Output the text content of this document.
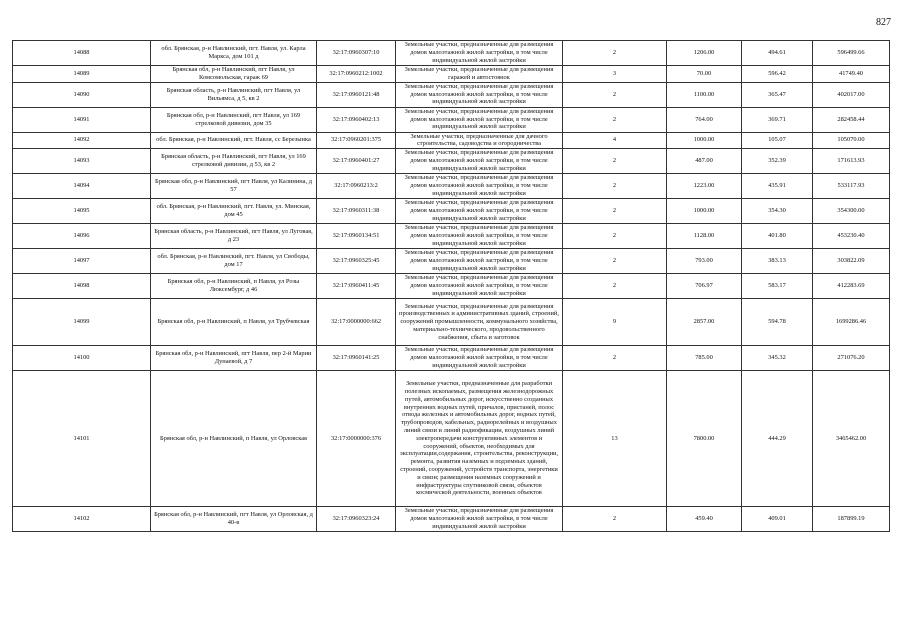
827
14088	обл. Брянская, р-н Навлинский, пгт. Навля, ул. Карла Маркса, дом 101 д	32:17:0960307:10	Земельные участки, предназначенные для размещения домов малоэтажной жилой застройки, в том числе индивидуальной жилой застройки	2	1206.00	494.61	596499.66
14089	Брянская обл, р-н Навлинский, пгт Навля, ул Комсомольская, гараж 69	32:17:0960212:1002	Земельные участки, предназначенные для размещения гаражей и автостоянок	3	70.00	596.42	41749.40
14090	Брянская область, р-н Навлинский, пгт Навля, ул Вильямса, д 5, кв 2	32:17:0960121:48	Земельные участки, предназначенные для размещения домов малоэтажной жилой застройки, в том числе индивидуальной жилой застройки	2	1100.00	365.47	402017.00
14091	Брянская обл, р-н Навлинский, пгт Навля, ул 169 стрелковой дивизии, дом 35	32:17:0960402:13	Земельные участки, предназначенные для размещения домов малоэтажной жилой застройки, в том числе индивидуальной жилой застройки	2	764.00	369.71	282458.44
14092	обл. Брянская, р-н Навлинский, пгт. Навля, сс Березынка	32:17:0960201:375	Земельные участки, предназначенные для дачного строительства, садоводства и огородничества	4	1000.00	105.07	105070.00
14093	Брянская область, р-н Навлинский, пгт Навля, ул 169 стрелковой дивизии, д 53, кв 2	32:17:0960401:27	Земельные участки, предназначенные для размещения домов малоэтажной жилой застройки, в том числе индивидуальной жилой застройки	2	487.00	352.39	171613.93
14094	Брянская обл, р-н Навлинский, пгт Навля, ул Калинина, д 57	32:17:0960213:2	Земельные участки, предназначенные для размещения домов малоэтажной жилой застройки, в том числе индивидуальной жилой застройки	2	1223.00	435.91	533117.93
14095	обл. Брянская, р-н Навлинский, пгт. Навля, ул. Минская, дом 45	32:17:0960311:38	Земельные участки, предназначенные для размещения домов малоэтажной жилой застройки, в том числе индивидуальной жилой застройки	2	1000.00	354.30	354300.00
14096	Брянская область, р-н Навлинский, пгт Навля, ул Луговая, д 23	32:17:0960134:51	Земельные участки, предназначенные для размещения домов малоэтажной жилой застройки, в том числе индивидуальной жилой застройки	2	1128.00	401.80	453230.40
14097	обл. Брянская, р-н Навлинский, пгт. Навля, ул Свободы, дом 17	32:17:0960325:45	Земельные участки, предназначенные для размещения домов малоэтажной жилой застройки, в том числе индивидуальной жилой застройки	2	793.00	383.13	303822.09
14098	Брянская обл, р-н Навлинский, п Навля, ул Розы Люксембург, д 46	32:17:0960411:45	Земельные участки, предназначенные для размещения домов малоэтажной жилой застройки, в том числе индивидуальной жилой застройки	2	706.97	583.17	412283.69
14099	Брянская обл, р-н Навлинский, п Навля, ул Трубчевская	32:17:0000000:662	Земельные участки, предназначенные для размещения производственных и административных зданий, строений, сооружений промышленности, коммунального хозяйства, материально-технического, продовольственного снабжения, сбыта и заготовок	9	2857.00	594.78	1699286.46
14100	Брянская обл, р-н Навлинский, пгт Навля, пер 2-й Марии Дунаевой, д 7	32:17:0960141:25	Земельные участки, предназначенные для размещения домов малоэтажной жилой застройки, в том числе индивидуальной жилой застройки	2	785.00	345.32	271076.20
14101	Брянская обл, р-н Навлинский, п Навля, ул Орловская	32:17:0000000:376	Земельные участки, предназначенные для разработки полезных ископаемых, размещения железнодорожных путей, автомобильных дорог, искусственно созданных внутренних водных путей, причалов, пристаней, полос отвода железных и автомобильных дорог, водных путей, трубопроводов, кабельных, радиорелейных и воздушных линий связи и линий радиофикации, воздушных линий электропередачи конструктивных элементов и сооружений, объектов, необходимых для эксплуатации,содержания, строительства, реконструкции, ремонта, развития наземных и подземных зданий, строений, сооружений, устройств транспорта, энергетики и связи; размещения наземных сооружений и инфраструктуры спутниковой связи, объектов космической деятельности, военных объектов	13	7800.00	444.29	3465462.00
14102	Брянская обл, р-н Навлинский, пгт Навля, ул Орловская, д 40-в	32:17:0960323:24	Земельные участки, предназначенные для размещения домов малоэтажной жилой застройки, в том числе индивидуальной жилой застройки	2	459.40	409.01	187899.19
